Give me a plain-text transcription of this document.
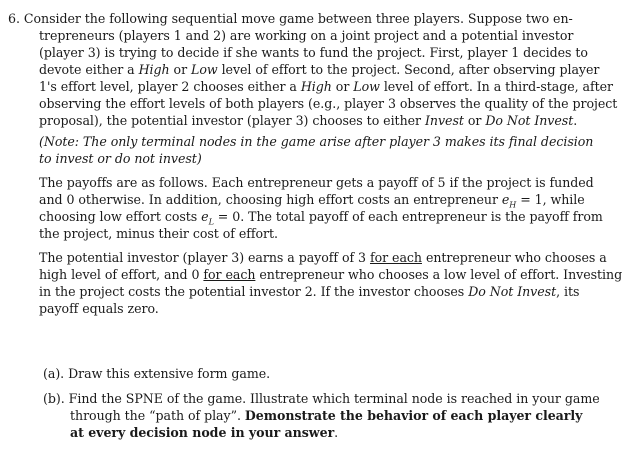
6. Consider the following sequential move game between three players. Suppose two en-
trepreneurs (players 1 and 2) are working on a joint project and a potential investor
(player 3) is trying to decide if she wants to fund the project. First, player 1 decides to
devote either a High or Low level of effort to the project. Second, after observing player
1's effort level, player 2 chooses either a High or Low level of effort. In a third-stage, after
observing the effort levels of both players (e.g., player 3 observes the quality of the project
proposal), the potential investor (player 3) chooses to either Invest or Do Not Invest.
(Note: The only terminal nodes in the game arise after player 3 makes its final decision
to invest or do not invest)
The payoffs are as follows. Each entrepreneur gets a payoff of 5 if the project is funded
and 0 otherwise. In addition, choosing high effort costs an entrepreneur $e_H = 1$, while
choosing low effort costs $e_L = 0$. The total payoff of each entrepreneur is the payoff from
the project, minus their cost of effort.
The potential investor (player 3) earns a payoff of 3 for each entrepreneur who chooses a
high level of effort, and 0 for each entrepreneur who chooses a low level of effort. Investing
in the project costs the potential investor 2. If the investor chooses Do Not Invest, its
payoff equals zero.
(a). Draw this extensive form game.
(b). Find the SPNE of the game. Illustrate which terminal node is reached in your game
through the “path of play”. Demonstrate the behavior of each player clearly
at every decision node in your answer.
